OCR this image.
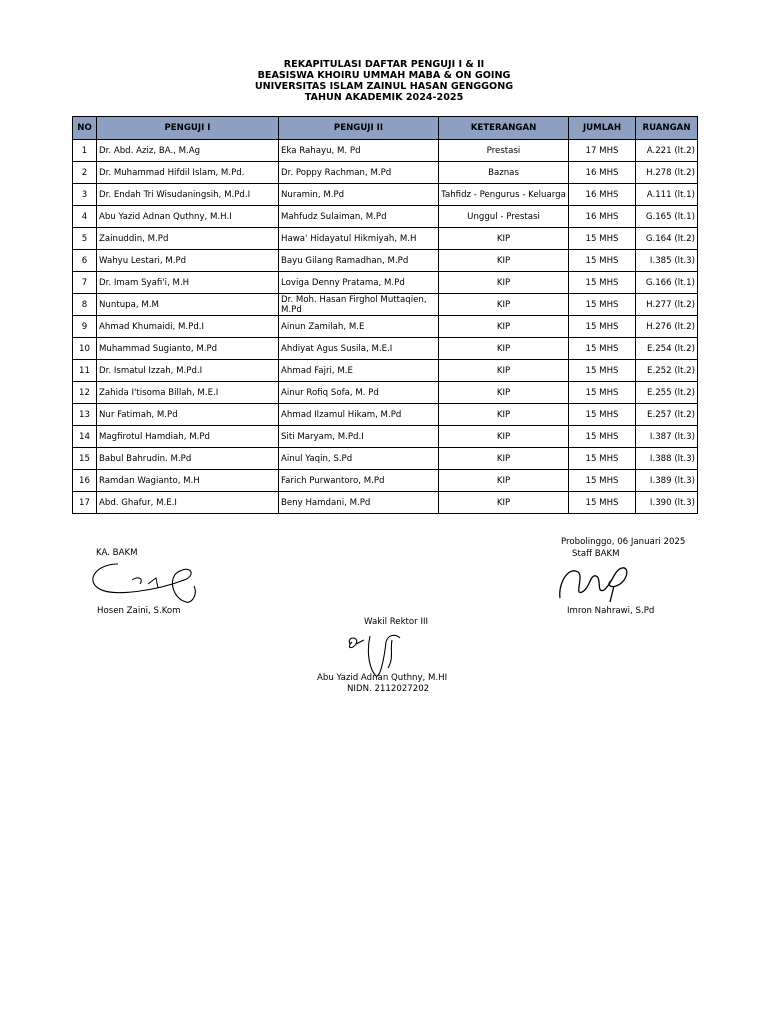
REKAPITULASI DAFTAR PENGUJI I & II
BEASISWA KHOIRU UMMAH MABA & ON GOING
UNIVERSITAS ISLAM ZAINUL HASAN GENGGONG
TAHUN AKADEMIK 2024-2025
NO	PENGUJI I	PENGUJI II	KETERANGAN	JUMLAH	RUANGAN
1	Dr. Abd. Aziz, BA., M.Ag	Eka Rahayu, M. Pd	Prestasi	17 MHS	A.221 (lt.2)
2	Dr. Muhammad Hifdil Islam, M.Pd.	Dr. Poppy Rachman, M.Pd	Baznas	16 MHS	H.278 (lt.2)
3	Dr. Endah Tri Wisudaningsih, M.Pd.I	Nuramin, M.Pd	Tahfidz - Pengurus - Keluarga	16 MHS	A.111 (lt.1)
4	Abu Yazid Adnan Quthny, M.H.I	Mahfudz Sulaiman, M.Pd	Unggul - Prestasi	16 MHS	G.165 (lt.1)
5	Zainuddin, M.Pd	Hawa' Hidayatul Hikmiyah, M.H	KIP	15 MHS	G.164 (lt.2)
6	Wahyu Lestari, M.Pd	Bayu Gilang Ramadhan, M.Pd	KIP	15 MHS	I.385 (lt.3)
7	Dr. Imam Syafi'i, M.H	Loviga Denny Pratama, M.Pd	KIP	15 MHS	G.166 (lt.1)
8	Nuntupa, M.M	Dr. Moh. Hasan Firghol Muttaqien, M.Pd	KIP	15 MHS	H.277 (lt.2)
9	Ahmad Khumaidi, M.Pd.I	Ainun Zamilah, M.E	KIP	15 MHS	H.276 (lt.2)
10	Muhammad Sugianto, M.Pd	Ahdiyat Agus Susila, M.E.I	KIP	15 MHS	E.254 (lt.2)
11	Dr. Ismatul Izzah, M.Pd.I	Ahmad Fajri, M.E	KIP	15 MHS	E.252 (lt.2)
12	Zahida I'tisoma Billah, M.E.I	Ainur Rofiq Sofa, M. Pd	KIP	15 MHS	E.255 (lt.2)
13	Nur Fatimah, M.Pd	Ahmad Ilzamul Hikam, M.Pd	KIP	15 MHS	E.257 (lt.2)
14	Magfirotul Hamdiah, M.Pd	Siti Maryam, M.Pd.I	KIP	15 MHS	I.387 (lt.3)
15	Babul Bahrudin. M.Pd	Ainul Yaqin, S.Pd	KIP	15 MHS	I.388 (lt.3)
16	Ramdan Wagianto, M.H	Farich Purwantoro, M.Pd	KIP	15 MHS	I.389 (lt.3)
17	Abd. Ghafur, M.E.I	Beny Hamdani, M.Pd	KIP	15 MHS	I.390 (lt.3)
Probolinggo, 06 Januari 2025
KA. BAKM	Staff BAKM
Hosen Zaini, S.Kom	Imron Nahrawi, S.Pd
Wakil Rektor III
Abu Yazid Adnan Quthny, M.HI
NIDN. 2112027202
